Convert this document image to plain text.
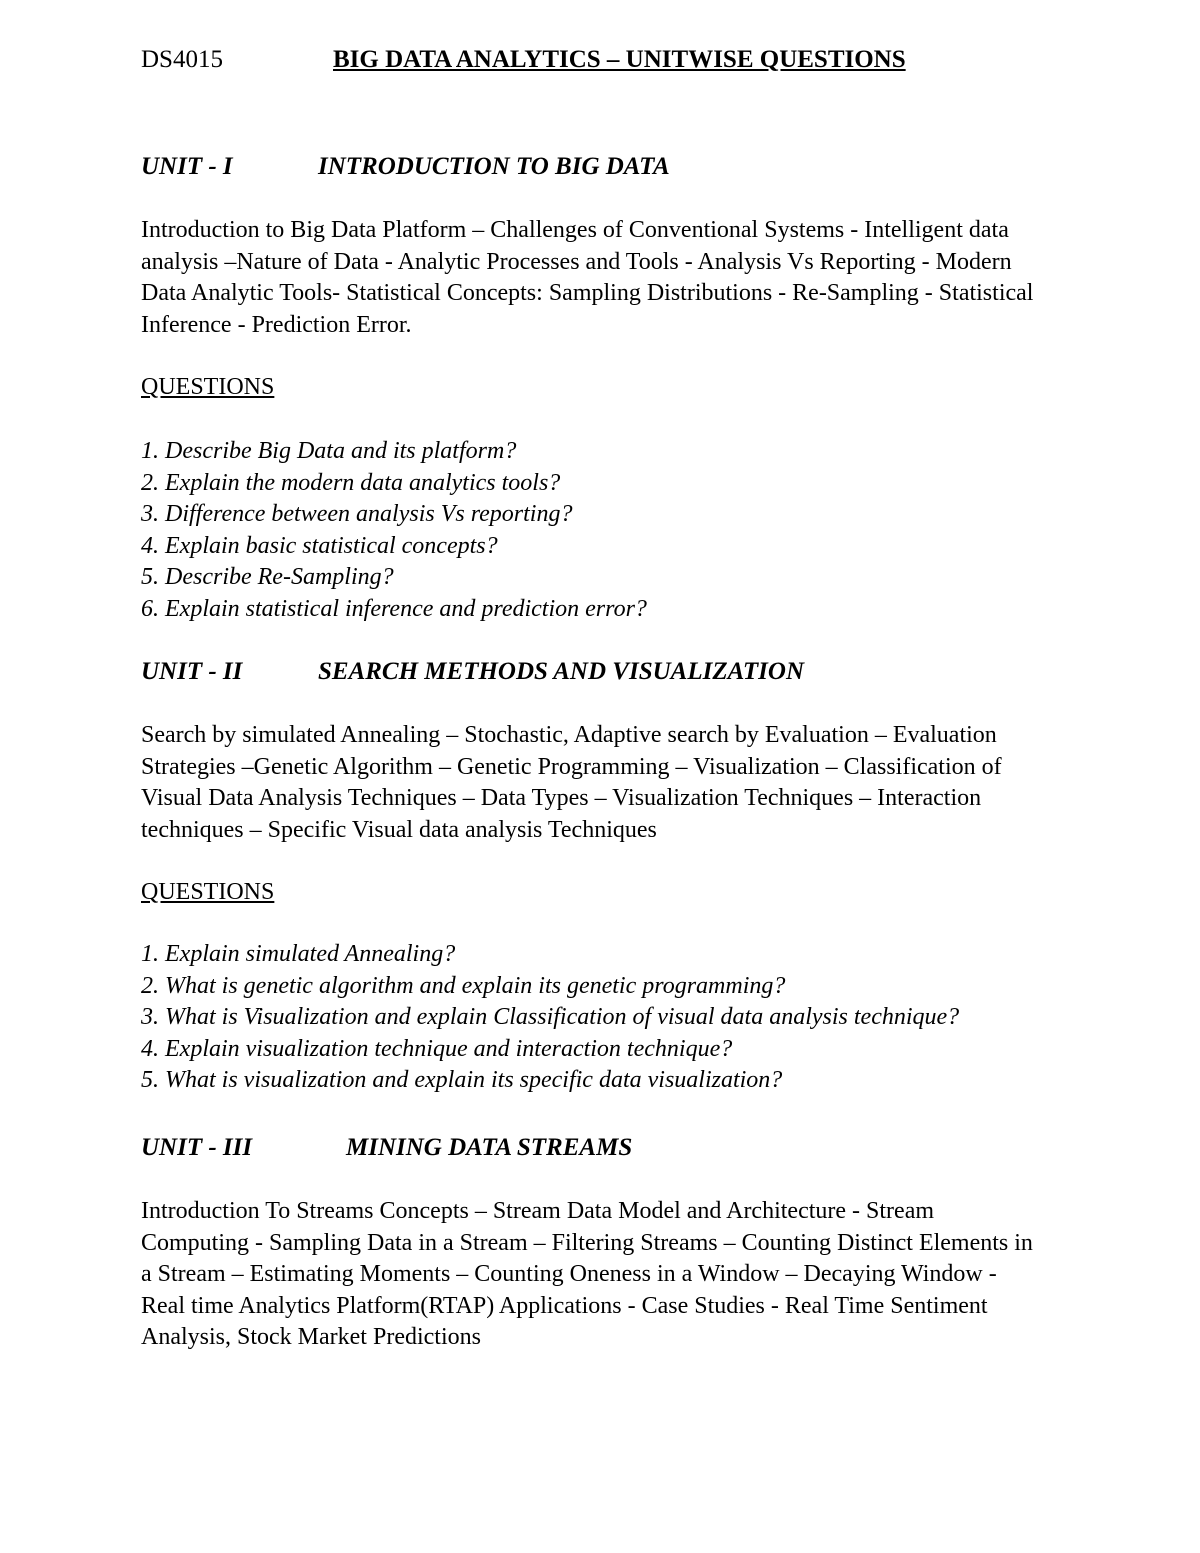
DS4015	BIG DATA ANALYTICS – UNITWISE QUESTIONS
UNIT - I	INTRODUCTION TO BIG DATA
Introduction to Big Data Platform – Challenges of Conventional Systems - Intelligent data
analysis –Nature of Data - Analytic Processes and Tools - Analysis Vs Reporting - Modern
Data Analytic Tools- Statistical Concepts: Sampling Distributions - Re-Sampling - Statistical
Inference - Prediction Error.
QUESTIONS
1. Describe Big Data and its platform?
2. Explain the modern data analytics tools?
3. Difference between analysis Vs reporting?
4. Explain basic statistical concepts?
5. Describe Re-Sampling?
6. Explain statistical inference and prediction error?
UNIT - II	SEARCH METHODS AND VISUALIZATION
Search by simulated Annealing – Stochastic, Adaptive search by Evaluation – Evaluation
Strategies –Genetic Algorithm – Genetic Programming – Visualization – Classification of
Visual Data Analysis Techniques – Data Types – Visualization Techniques – Interaction
techniques – Specific Visual data analysis Techniques
QUESTIONS
1. Explain simulated Annealing?
2. What is genetic algorithm and explain its genetic programming?
3. What is Visualization and explain Classification of visual data analysis technique?
4. Explain visualization technique and interaction technique?
5. What is visualization and explain its specific data visualization?
UNIT - III	MINING DATA STREAMS
Introduction To Streams Concepts – Stream Data Model and Architecture - Stream
Computing - Sampling Data in a Stream – Filtering Streams – Counting Distinct Elements in
a Stream – Estimating Moments – Counting Oneness in a Window – Decaying Window -
Real time Analytics Platform(RTAP) Applications - Case Studies - Real Time Sentiment
Analysis, Stock Market Predictions
